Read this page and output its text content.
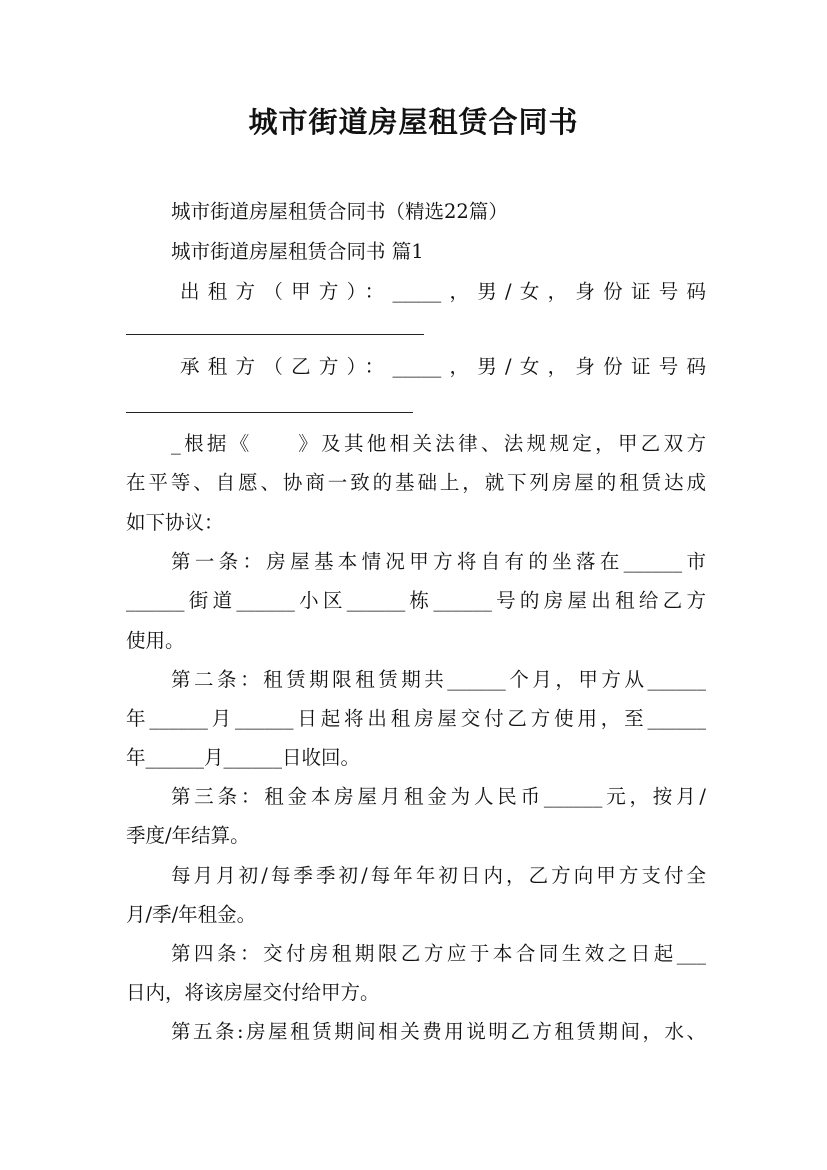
城市街道房屋租赁合同书
城市街道房屋租赁合同书（精选22篇）
城市街道房屋租赁合同书 篇1
出租方（甲方）：_____，男/女，身份证号码
承租方（乙方）：_____，男/女，身份证号码
_根据《　　》及其他相关法律、法规规定，甲乙双方
在平等、自愿、协商一致的基础上，就下列房屋的租赁达成
如下协议：
第一条：房屋基本情况甲方将自有的坐落在______市
______街道______小区______栋______号的房屋出租给乙方
使用。
第二条：租赁期限租赁期共______个月，甲方从______
年______月______日起将出租房屋交付乙方使用，至______
年______月______日收回。
第三条：租金本房屋月租金为人民币______元，按月/
季度/年结算。
每月月初/每季季初/每年年初日内，乙方向甲方支付全
月/季/年租金。
第四条：交付房租期限乙方应于本合同生效之日起___
日内，将该房屋交付给甲方。
第五条:房屋租赁期间相关费用说明乙方租赁期间，水、
